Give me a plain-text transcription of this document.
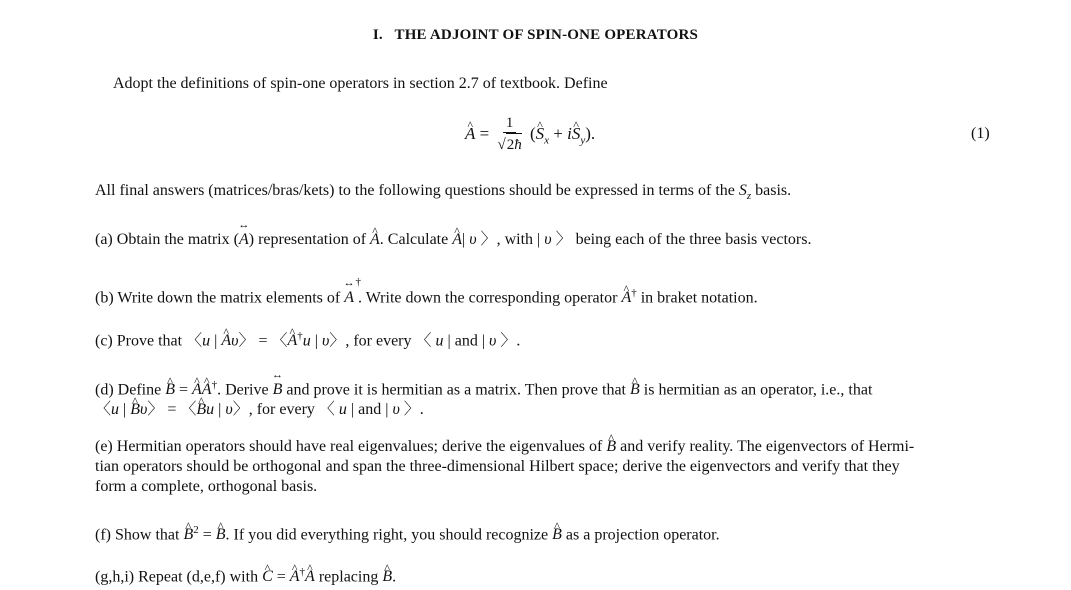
I. THE ADJOINT OF SPIN-ONE OPERATORS
Adopt the definitions of spin-one operators in section 2.7 of textbook. Define
A ^ = $\frac{1}{√2ħ} (S$ $\^{}_x$ + iS $\^{}_y$).	(1)
All final answers (matrices/bras/kets) to the following questions should be expressed in terms of the $S_z$ basis.
(a) Obtain the matrix (
↔
A) representation of A ^. Calculate A ^| υ 〉, with | υ 〉 being each of the three basis vectors.
(b) Write down the matrix elements of
↔ †
A . Write down the corresponding operator A ^† in braket notation.
(c) Prove that 〈u | A ^υ〉 = 〈A ^†u | υ〉, for every 〈 u | and | υ 〉.
(d) Define B ^ = A ^A ^†. Derive
↔
B and prove it is hermitian as a matrix. Then prove that B ^ is hermitian as an operator, i.e., that
〈u | B ^υ〉 = 〈B ^u | υ〉, for every 〈 u | and | υ 〉.
(e) Hermitian operators should have real eigenvalues; derive the eigenvalues of B ^ and verify reality. The eigenvectors of Hermi-
tian operators should be orthogonal and span the three-dimensional Hilbert space; derive the eigenvectors and verify that they
form a complete, orthogonal basis.
(f) Show that B ^$^2$ = B ^. If you did everything right, you should recognize B ^ as a projection operator.
(g,h,i) Repeat (d,e,f) with C ^ = A ^†A ^ replacing B ^.
